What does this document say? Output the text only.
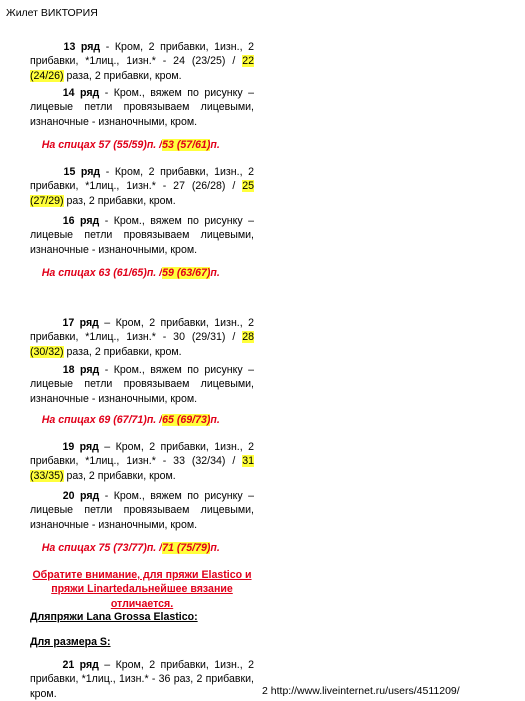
Жилет ВИКТОРИЯ
13 ряд - Кром, 2 прибавки, 1изн., 2 прибавки, *1лиц., 1изн.* - 24 (23/25) / 22 (24/26) раза, 2 прибавки, кром.
14 ряд - Кром., вяжем по рисунку – лицевые петли провязываем лицевыми, изнаночные - изнаночными, кром.
На спицах 57 (55/59)п. /53 (57/61)п.
15 ряд - Кром, 2 прибавки, 1изн., 2 прибавки, *1лиц., 1изн.* - 27 (26/28) / 25 (27/29) раз, 2 прибавки, кром.
16 ряд - Кром., вяжем по рисунку – лицевые петли провязываем лицевыми, изнаночные - изнаночными, кром.
На спицах 63 (61/65)п. /59 (63/67)п.
17 ряд – Кром, 2 прибавки, 1изн., 2 прибавки, *1лиц., 1изн.* - 30 (29/31) / 28 (30/32) раза, 2 прибавки, кром.
18 ряд - Кром., вяжем по рисунку – лицевые петли провязываем лицевыми, изнаночные - изнаночными, кром.
На спицах 69 (67/71)п. /65 (69/73)п.
19 ряд – Кром, 2 прибавки, 1изн., 2 прибавки, *1лиц., 1изн.* - 33 (32/34) / 31 (33/35) раз, 2 прибавки, кром.
20 ряд - Кром., вяжем по рисунку – лицевые петли провязываем лицевыми, изнаночные - изнаночными, кром.
На спицах 75 (73/77)п. /71 (75/79)п.
Обратите внимание, для пряжи Elastico и пряжи Linartedальнейшее вязание отличается.
Дляпряжи Lana Grossa Elastico:
Для размера S:
21 ряд – Кром, 2 прибавки, 1изн., 2 прибавки, *1лиц., 1изн.* - 36 раз, 2 прибавки, кром.

	2 http://www.liveinternet.ru/users/4511209/
